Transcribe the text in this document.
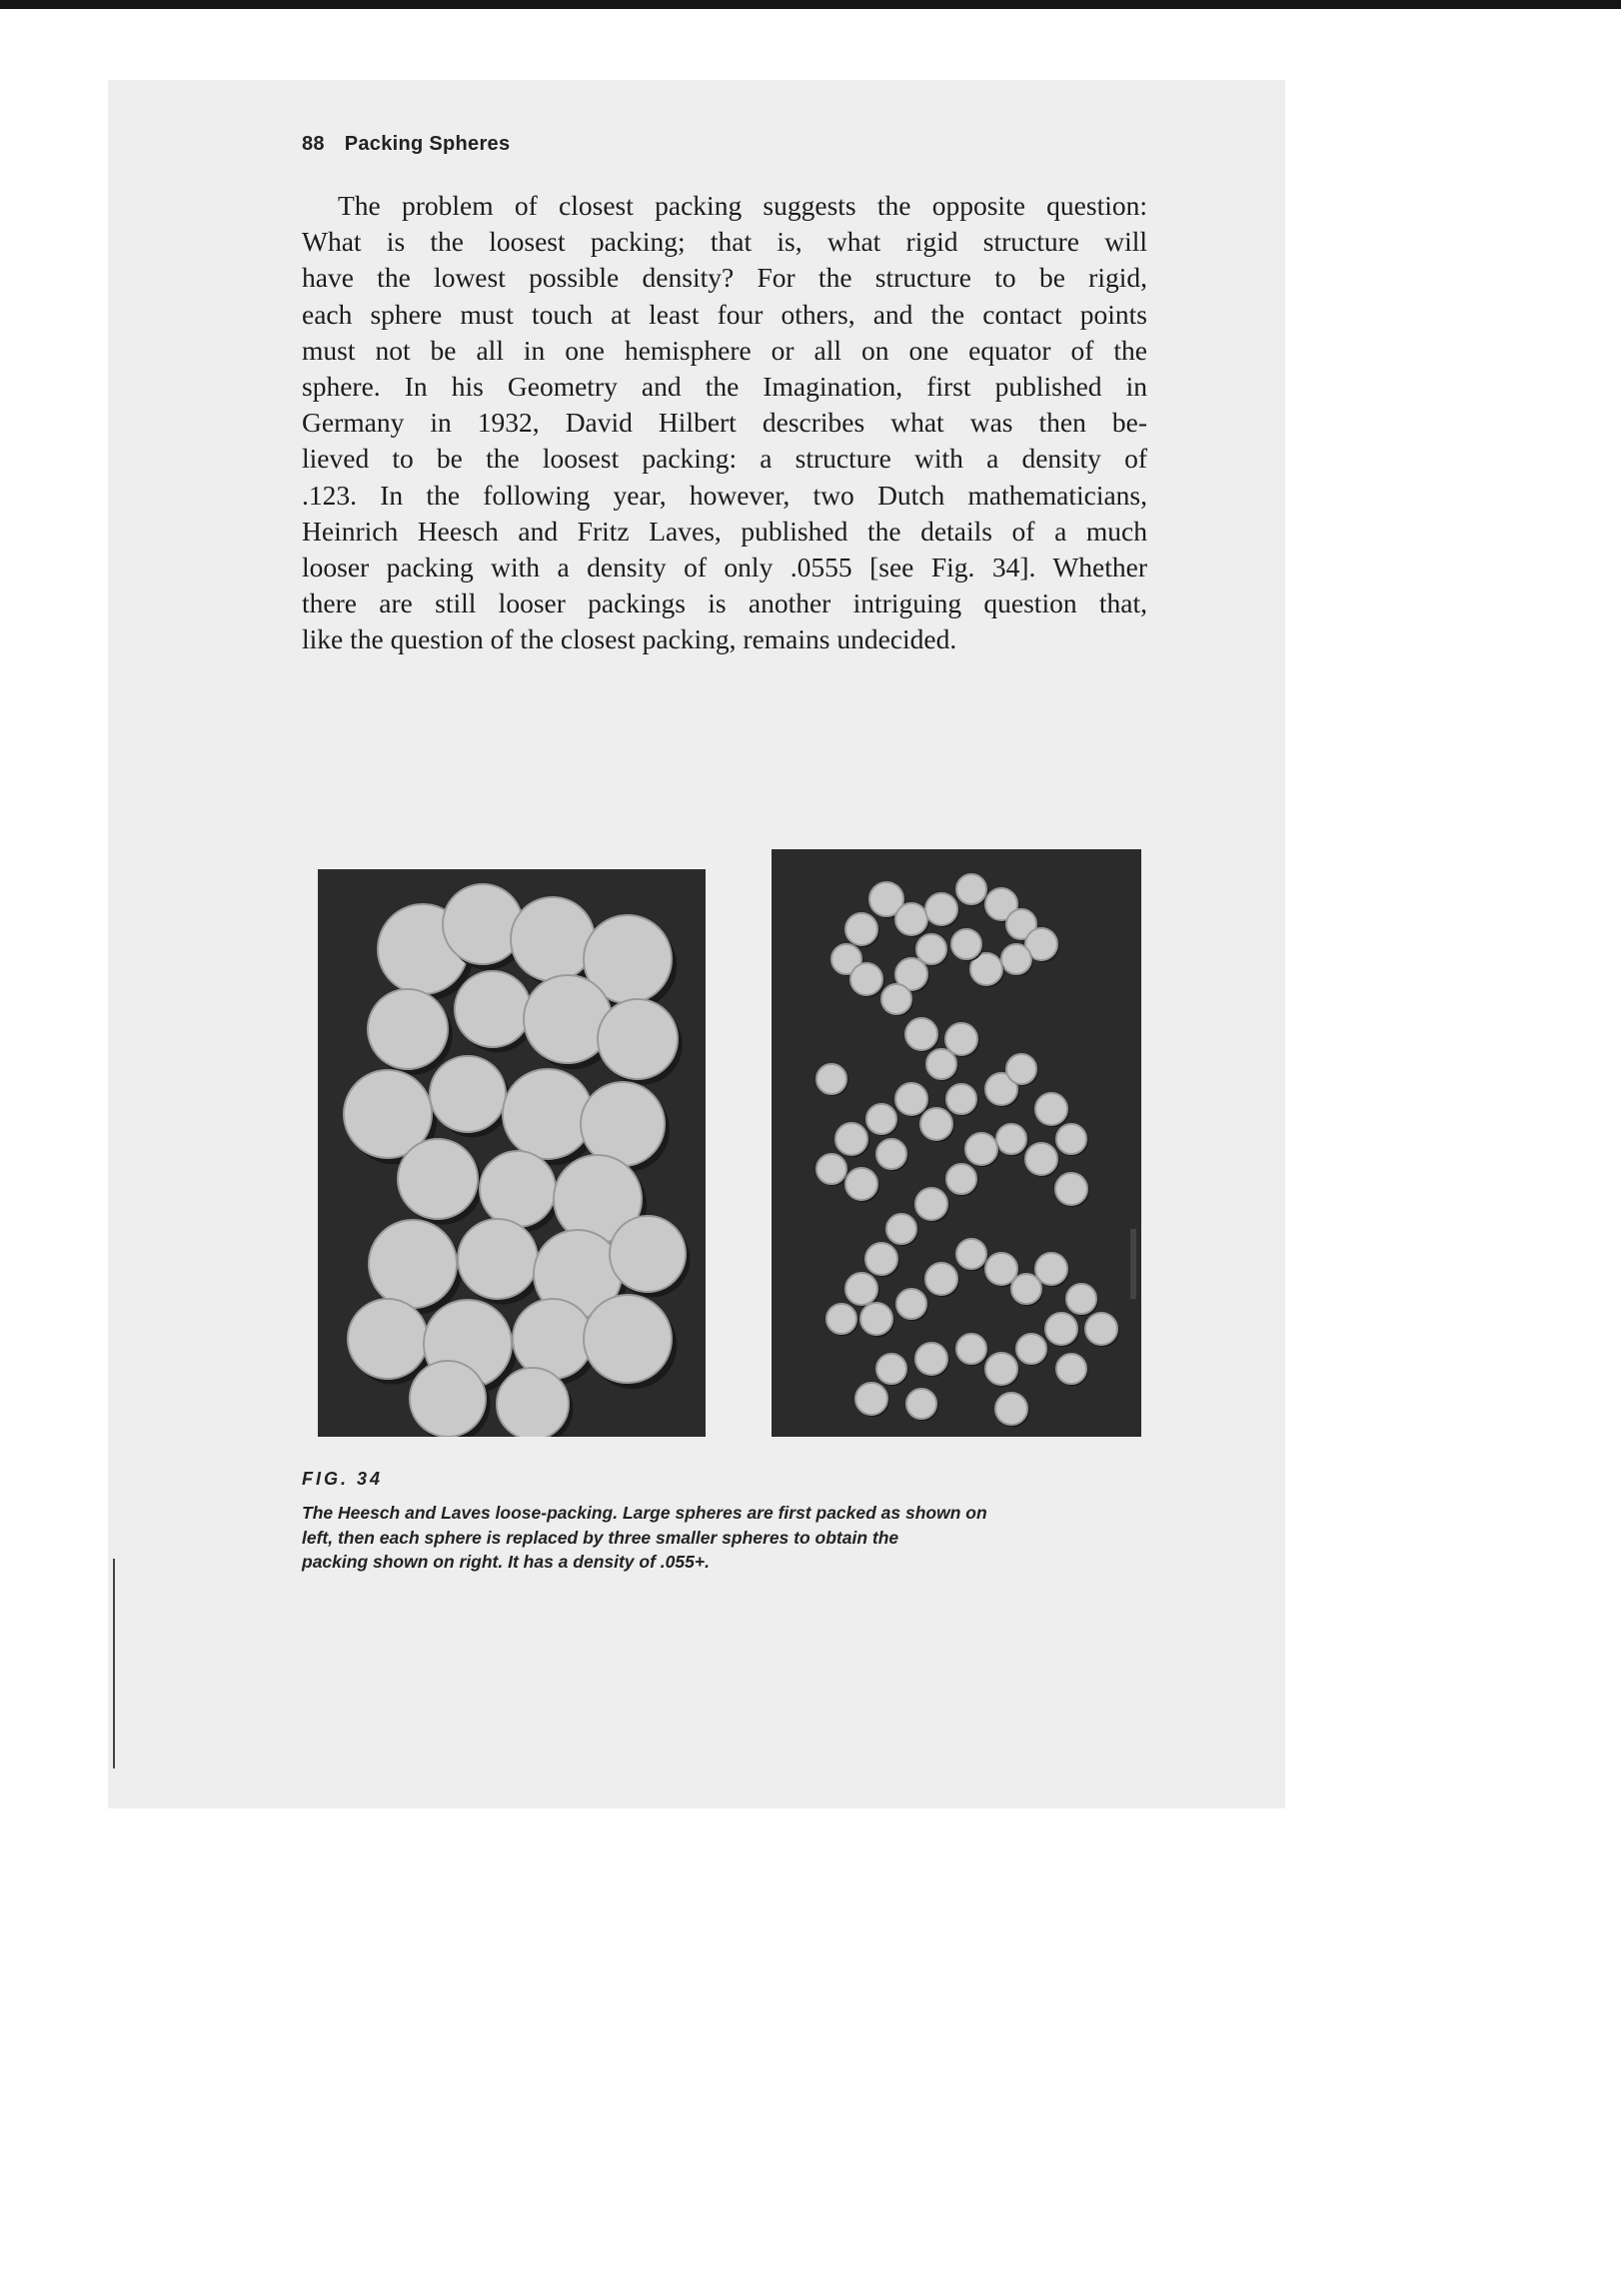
88 Packing Spheres
The problem of closest packing suggests the opposite question:
What is the loosest packing; that is, what rigid structure will
have the lowest possible density? For the structure to be rigid,
each sphere must touch at least four others, and the contact points
must not be all in one hemisphere or all on one equator of the
sphere. In his Geometry and the Imagination, first published in
Germany in 1932, David Hilbert describes what was then be-
lieved to be the loosest packing: a structure with a density of
.123. In the following year, however, two Dutch mathematicians,
Heinrich Heesch and Fritz Laves, published the details of a much
looser packing with a density of only .0555 [see Fig. 34]. Whether
there are still looser packings is another intriguing question that,
like the question of the closest packing, remains undecided.
FIG. 34
The Heesch and Laves loose-packing. Large spheres are first packed as shown on
left, then each sphere is replaced by three smaller spheres to obtain the
packing shown on right. It has a density of .055+.
